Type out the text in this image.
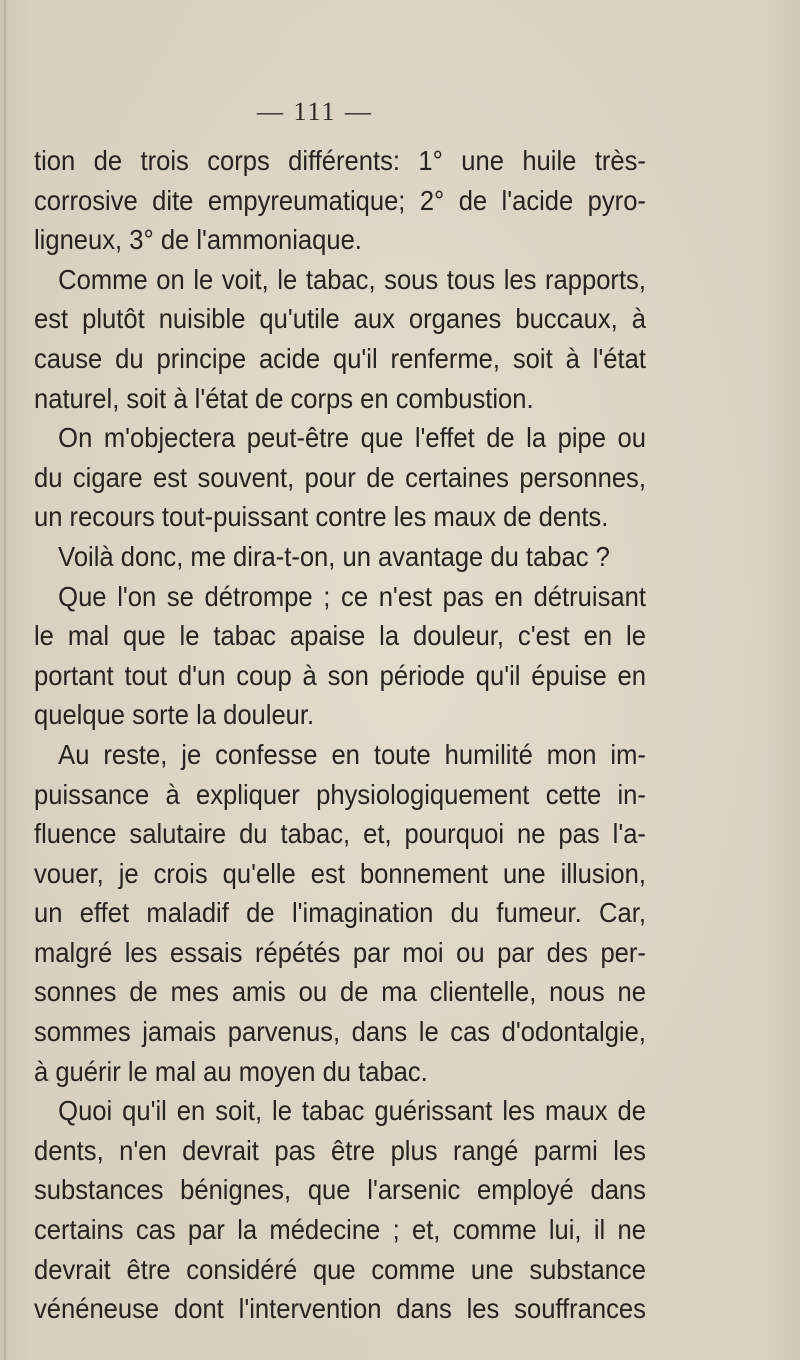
— 111 —
tion de trois corps différents: 1° une huile très-
corrosive dite empyreumatique; 2° de l'acide pyro-
ligneux, 3° de l'ammoniaque.
Comme on le voit, le tabac, sous tous les rapports,
est plutôt nuisible qu'utile aux organes buccaux, à
cause du principe acide qu'il renferme, soit à l'état
naturel, soit à l'état de corps en combustion.
On m'objectera peut-être que l'effet de la pipe ou
du cigare est souvent, pour de certaines personnes,
un recours tout-puissant contre les maux de dents.
Voilà donc, me dira-t-on, un avantage du tabac ?
Que l'on se détrompe ; ce n'est pas en détruisant
le mal que le tabac apaise la douleur, c'est en le
portant tout d'un coup à son période qu'il épuise en
quelque sorte la douleur.
Au reste, je confesse en toute humilité mon im-
puissance à expliquer physiologiquement cette in-
fluence salutaire du tabac, et, pourquoi ne pas l'a-
vouer, je crois qu'elle est bonnement une illusion,
un effet maladif de l'imagination du fumeur. Car,
malgré les essais répétés par moi ou par des per-
sonnes de mes amis ou de ma clientelle, nous ne
sommes jamais parvenus, dans le cas d'odontalgie,
à guérir le mal au moyen du tabac.
Quoi qu'il en soit, le tabac guérissant les maux de
dents, n'en devrait pas être plus rangé parmi les
substances bénignes, que l'arsenic employé dans
certains cas par la médecine ; et, comme lui, il ne
devrait être considéré que comme une substance
vénéneuse dont l'intervention dans les souffrances
